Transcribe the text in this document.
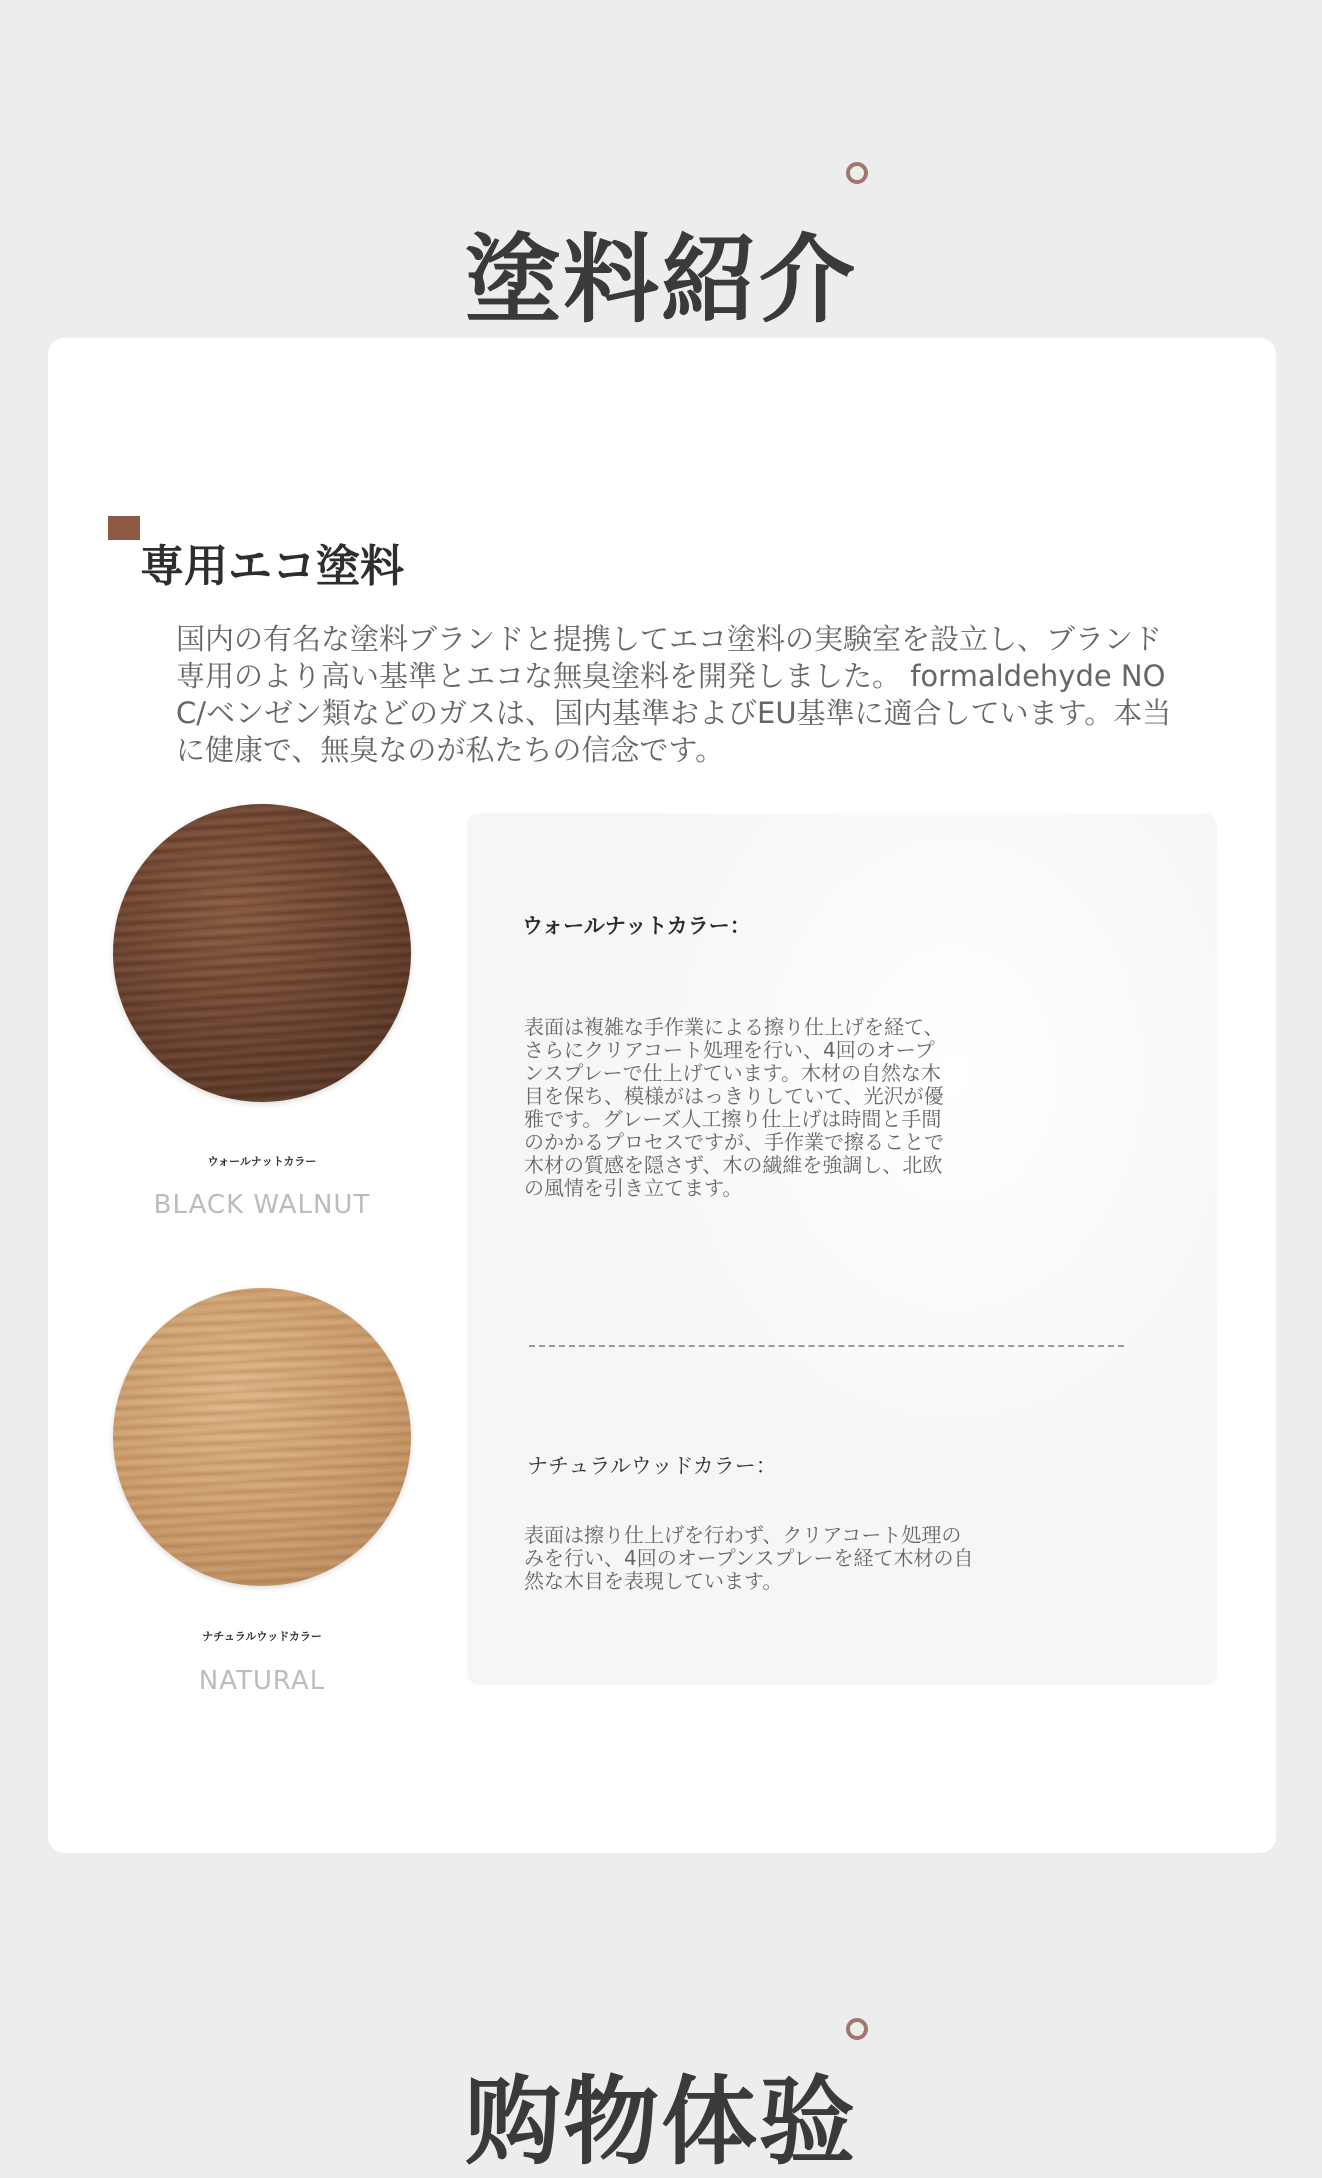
塗料紹介
専用エコ塗料

国内の有名な塗料ブランドと提携してエコ塗料の実験室を設立し、ブランド専用のより高い基準とエコな無臭塗料を開発しました。 formaldehyde NOC/ベンゼン類などのガスは、国内基準およびEU基準に適合しています。本当に健康で、無臭なのが私たちの信念です。

ウォールナットカラー
BLACK WALNUT
ナチュラルウッドカラー
NATURAL
ウォールナットカラー：

表面は複雑な手作業による擦り仕上げを経て、さらにクリアコート処理を行い、4回のオープンスプレーで仕上げています。木材の自然な木目を保ち、模様がはっきりしていて、光沢が優雅です。グレーズ人工擦り仕上げは時間と手間のかかるプロセスですが、手作業で擦ることで木材の質感を隠さず、木の繊維を強調し、北欧の風情を引き立てます。

ナチュラルウッドカラー：

表面は擦り仕上げを行わず、クリアコート処理のみを行い、4回のオープンスプレーを経て木材の自然な木目を表現しています。

购物体验
